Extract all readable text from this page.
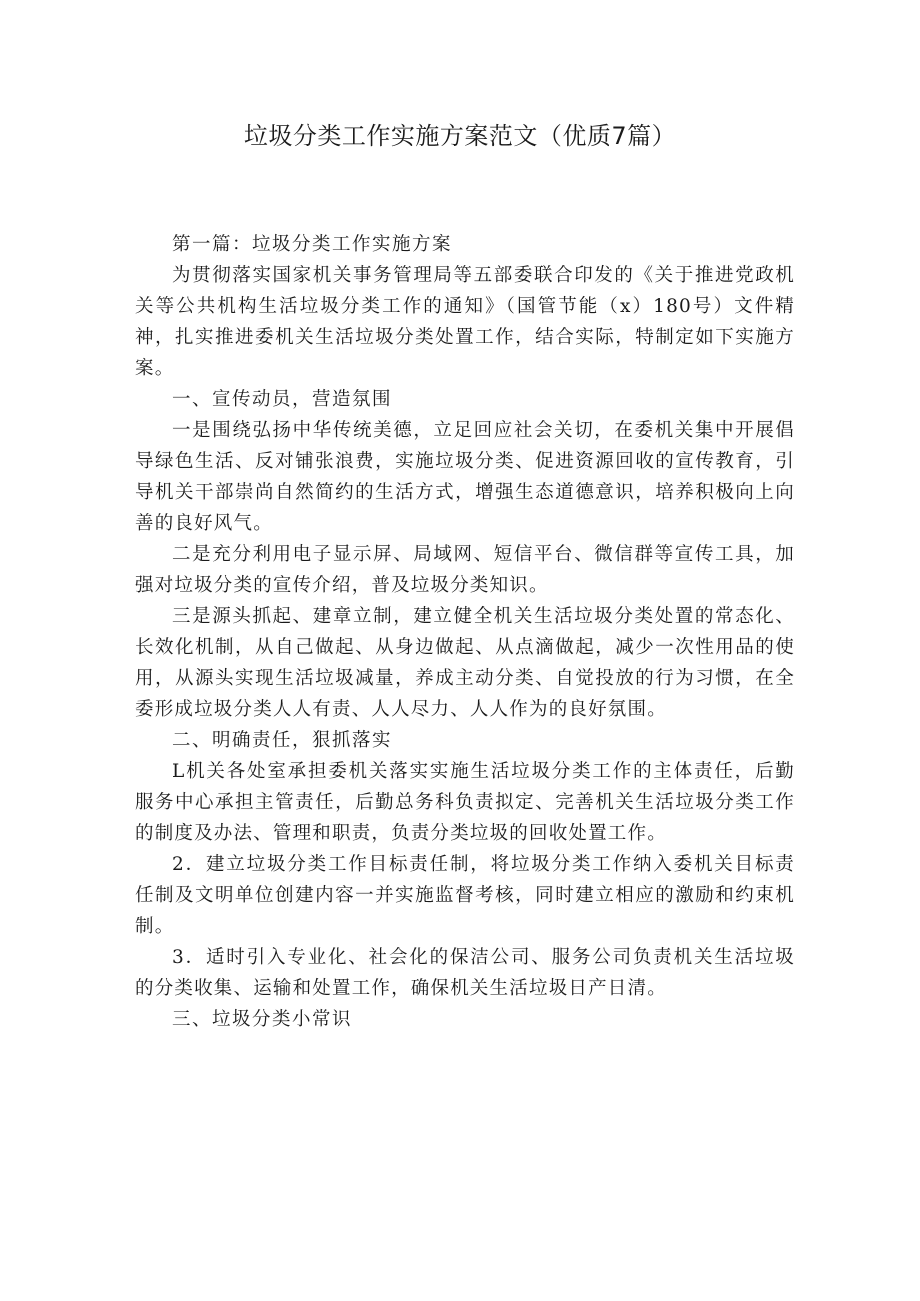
垃圾分类工作实施方案范文（优质7篇）

第一篇：垃圾分类工作实施方案

为贯彻落实国家机关事务管理局等五部委联合印发的《关于推进党政机关等公共机构生活垃圾分类工作的通知》（国管节能（x）180号）文件精神，扎实推进委机关生活垃圾分类处置工作，结合实际，特制定如下实施方案。

一、宣传动员，营造氛围

一是围绕弘扬中华传统美德，立足回应社会关切，在委机关集中开展倡导绿色生活、反对铺张浪费，实施垃圾分类、促进资源回收的宣传教育，引导机关干部崇尚自然简约的生活方式，增强生态道德意识，培养积极向上向善的良好风气。

二是充分利用电子显示屏、局域网、短信平台、微信群等宣传工具，加强对垃圾分类的宣传介绍，普及垃圾分类知识。

三是源头抓起、建章立制，建立健全机关生活垃圾分类处置的常态化、长效化机制，从自己做起、从身边做起、从点滴做起，减少一次性用品的使用，从源头实现生活垃圾减量，养成主动分类、自觉投放的行为习惯，在全委形成垃圾分类人人有责、人人尽力、人人作为的良好氛围。

二、明确责任，狠抓落实

L机关各处室承担委机关落实实施生活垃圾分类工作的主体责任，后勤服务中心承担主管责任，后勤总务科负责拟定、完善机关生活垃圾分类工作的制度及办法、管理和职责，负责分类垃圾的回收处置工作。

2．建立垃圾分类工作目标责任制，将垃圾分类工作纳入委机关目标责任制及文明单位创建内容一并实施监督考核，同时建立相应的激励和约束机制。

3．适时引入专业化、社会化的保洁公司、服务公司负责机关生活垃圾的分类收集、运输和处置工作，确保机关生活垃圾日产日清。

三、垃圾分类小常识
